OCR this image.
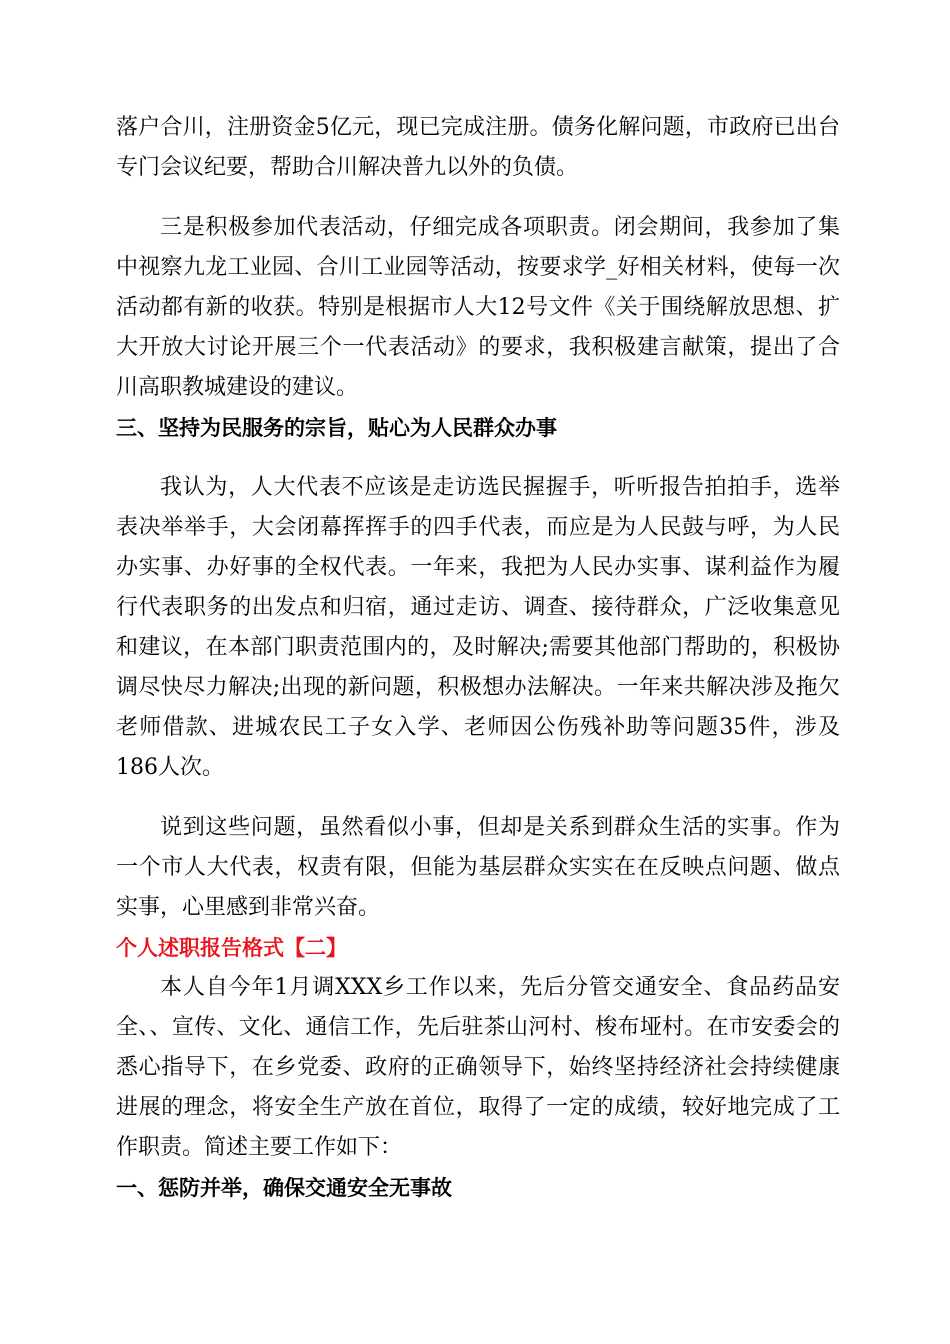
落户合川，注册资金5亿元，现已完成注册。债务化解问题，市政府已出台专门会议纪要，帮助合川解决普九以外的负债。

三是积极参加代表活动，仔细完成各项职责。闭会期间，我参加了集中视察九龙工业园、合川工业园等活动，按要求学_好相关材料，使每一次活动都有新的收获。特别是根据市人大12号文件《关于围绕解放思想、扩大开放大讨论开展三个一代表活动》的要求，我积极建言献策，提出了合川高职教城建设的建议。

三、坚持为民服务的宗旨，贴心为人民群众办事

我认为，人大代表不应该是走访选民握握手，听听报告拍拍手，选举表决举举手，大会闭幕挥挥手的四手代表，而应是为人民鼓与呼，为人民办实事、办好事的全权代表。一年来，我把为人民办实事、谋利益作为履行代表职务的出发点和归宿，通过走访、调查、接待群众，广泛收集意见和建议，在本部门职责范围内的，及时解决;需要其他部门帮助的，积极协调尽快尽力解决;出现的新问题，积极想办法解决。一年来共解决涉及拖欠老师借款、进城农民工子女入学、老师因公伤残补助等问题35件，涉及186人次。

说到这些问题，虽然看似小事，但却是关系到群众生活的实事。作为一个市人大代表，权责有限，但能为基层群众实实在在反映点问题、做点实事，心里感到非常兴奋。

个人述职报告格式【二】

本人自今年1月调XXX乡工作以来，先后分管交通安全、食品药品安全、、宣传、文化、通信工作，先后驻茶山河村、梭布垭村。在市安委会的悉心指导下，在乡党委、政府的正确领导下，始终坚持经济社会持续健康进展的理念，将安全生产放在首位，取得了一定的成绩，较好地完成了工作职责。简述主要工作如下：

一、惩防并举，确保交通安全无事故
